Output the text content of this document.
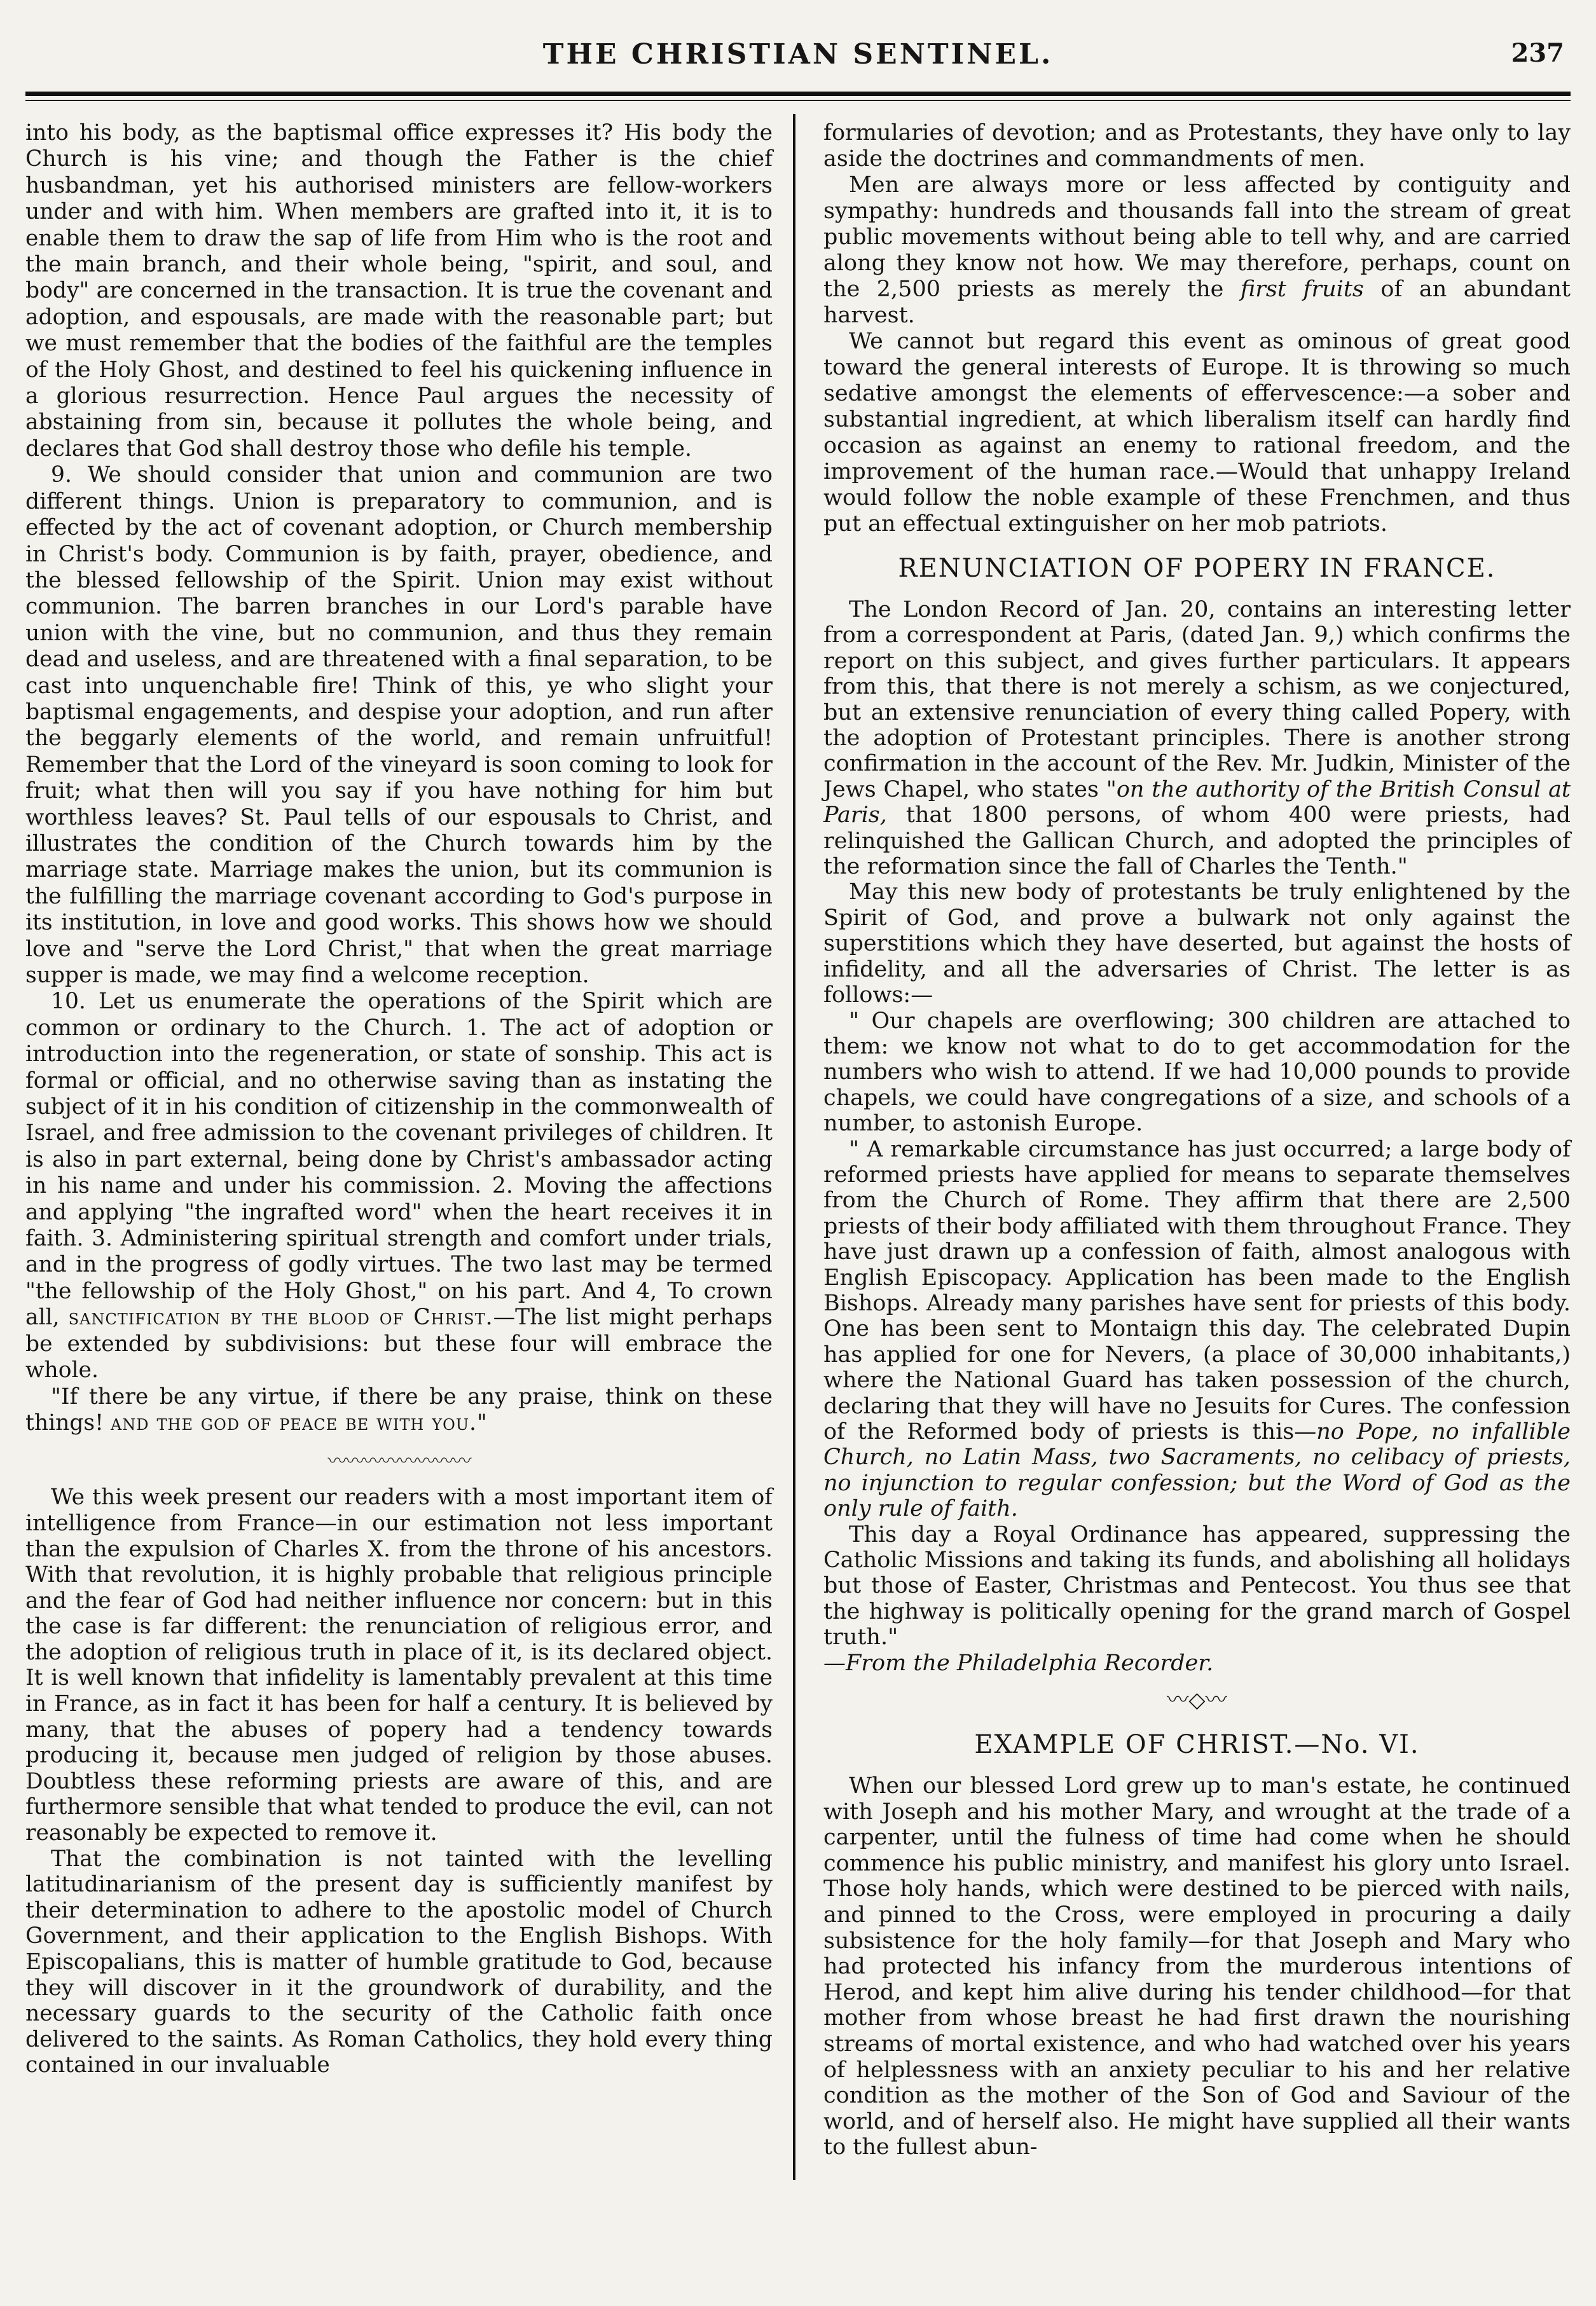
THE CHRISTIAN SENTINEL.	237

into his body, as the baptismal office expresses it? His body the Church is his vine; and though the Father is the chief husbandman, yet his authorised ministers are fellow-workers under and with him. When members are grafted into it, it is to enable them to draw the sap of life from Him who is the root and the main branch, and their whole being, "spirit, and soul, and body" are concerned in the transaction. It is true the covenant and adoption, and espousals, are made with the reasonable part; but we must remember that the bodies of the faithful are the temples of the Holy Ghost, and destined to feel his quickening influence in a glorious resurrection. Hence Paul argues the necessity of abstaining from sin, because it pollutes the whole being, and declares that God shall destroy those who defile his temple.

9. We should consider that union and communion are two different things. Union is preparatory to communion, and is effected by the act of covenant adoption, or Church membership in Christ's body. Communion is by faith, prayer, obedience, and the blessed fellowship of the Spirit. Union may exist without communion. The barren branches in our Lord's parable have union with the vine, but no communion, and thus they remain dead and useless, and are threatened with a final separation, to be cast into unquenchable fire! Think of this, ye who slight your baptismal engagements, and despise your adoption, and run after the beggarly elements of the world, and remain unfruitful! Remember that the Lord of the vineyard is soon coming to look for fruit; what then will you say if you have nothing for him but worthless leaves? St. Paul tells of our espousals to Christ, and illustrates the condition of the Church towards him by the marriage state. Marriage makes the union, but its communion is the fulfilling the marriage covenant according to God's purpose in its institution, in love and good works. This shows how we should love and "serve the Lord Christ," that when the great marriage supper is made, we may find a welcome reception.

10. Let us enumerate the operations of the Spirit which are common or ordinary to the Church. 1. The act of adoption or introduction into the regeneration, or state of sonship. This act is formal or official, and no otherwise saving than as instating the subject of it in his condition of citizenship in the commonwealth of Israel, and free admission to the covenant privileges of children. It is also in part external, being done by Christ's ambassador acting in his name and under his commission. 2. Moving the affections and applying "the ingrafted word" when the heart receives it in faith. 3. Administering spiritual strength and comfort under trials, and in the progress of godly virtues. The two last may be termed "the fellowship of the Holy Ghost," on his part. And 4, To crown all, sanctification by the blood of Christ.—The list might perhaps be extended by subdivisions: but these four will embrace the whole.

"If there be any virtue, if there be any praise, think on these things! and the god of peace be with you."

〰〰〰〰〰〰〰〰

We this week present our readers with a most important item of intelligence from France—in our estimation not less important than the expulsion of Charles X. from the throne of his ancestors. With that revolution, it is highly probable that religious principle and the fear of God had neither influence nor concern: but in this the case is far different: the renunciation of religious error, and the adoption of religious truth in place of it, is its declared object. It is well known that infidelity is lamentably prevalent at this time in France, as in fact it has been for half a century. It is believed by many, that the abuses of popery had a tendency towards producing it, because men judged of religion by those abuses. Doubtless these reforming priests are aware of this, and are furthermore sensible that what tended to produce the evil, can not reasonably be expected to remove it.

That the combination is not tainted with the levelling latitudinarianism of the present day is sufficiently manifest by their determination to adhere to the apostolic model of Church Government, and their application to the English Bishops. With Episcopalians, this is matter of humble gratitude to God, because they will discover in it the groundwork of durability, and the necessary guards to the security of the Catholic faith once delivered to the saints. As Roman Catholics, they hold every thing contained in our invaluable

formularies of devotion; and as Protestants, they have only to lay aside the doctrines and commandments of men.

Men are always more or less affected by contiguity and sympathy: hundreds and thousands fall into the stream of great public movements without being able to tell why, and are carried along they know not how. We may therefore, perhaps, count on the 2,500 priests as merely the first fruits of an abundant harvest.

We cannot but regard this event as ominous of great good toward the general interests of Europe. It is throwing so much sedative amongst the elements of effervescence:—a sober and substantial ingredient, at which liberalism itself can hardly find occasion as against an enemy to rational freedom, and the improvement of the human race.—Would that unhappy Ireland would follow the noble example of these Frenchmen, and thus put an effectual extinguisher on her mob patriots.

RENUNCIATION OF POPERY IN FRANCE.

The London Record of Jan. 20, contains an interesting letter from a correspondent at Paris, (dated Jan. 9,) which confirms the report on this subject, and gives further particulars. It appears from this, that there is not merely a schism, as we conjectured, but an extensive renunciation of every thing called Popery, with the adoption of Protestant principles. There is another strong confirmation in the account of the Rev. Mr. Judkin, Minister of the Jews Chapel, who states "on the authority of the British Consul at Paris, that 1800 persons, of whom 400 were priests, had relinquished the Gallican Church, and adopted the principles of the reformation since the fall of Charles the Tenth."

May this new body of protestants be truly enlightened by the Spirit of God, and prove a bulwark not only against the superstitions which they have deserted, but against the hosts of infidelity, and all the adversaries of Christ. The letter is as follows:—

" Our chapels are overflowing; 300 children are attached to them: we know not what to do to get accommodation for the numbers who wish to attend. If we had 10,000 pounds to provide chapels, we could have congregations of a size, and schools of a number, to astonish Europe.

" A remarkable circumstance has just occurred; a large body of reformed priests have applied for means to separate themselves from the Church of Rome. They affirm that there are 2,500 priests of their body affiliated with them throughout France. They have just drawn up a confession of faith, almost analogous with English Episcopacy. Application has been made to the English Bishops. Already many parishes have sent for priests of this body. One has been sent to Montaign this day. The celebrated Dupin has applied for one for Nevers, (a place of 30,000 inhabitants,) where the National Guard has taken possession of the church, declaring that they will have no Jesuits for Cures. The confession of the Reformed body of priests is this—no Pope, no infallible Church, no Latin Mass, two Sacraments, no celibacy of priests, no injunction to regular confession; but the Word of God as the only rule of faith.

This day a Royal Ordinance has appeared, suppressing the Catholic Missions and taking its funds, and abolishing all holidays but those of Easter, Christmas and Pentecost. You thus see that the highway is politically opening for the grand march of Gospel truth."
—From the Philadelphia Recorder.

〰◇〰
EXAMPLE OF CHRIST.—No. VI.

When our blessed Lord grew up to man's estate, he continued with Joseph and his mother Mary, and wrought at the trade of a carpenter, until the fulness of time had come when he should commence his public ministry, and manifest his glory unto Israel. Those holy hands, which were destined to be pierced with nails, and pinned to the Cross, were employed in procuring a daily subsistence for the holy family—for that Joseph and Mary who had protected his infancy from the murderous intentions of Herod, and kept him alive during his tender childhood—for that mother from whose breast he had first drawn the nourishing streams of mortal existence, and who had watched over his years of helplessness with an anxiety peculiar to his and her relative condition as the mother of the Son of God and Saviour of the world, and of herself also. He might have supplied all their wants to the fullest abun-
